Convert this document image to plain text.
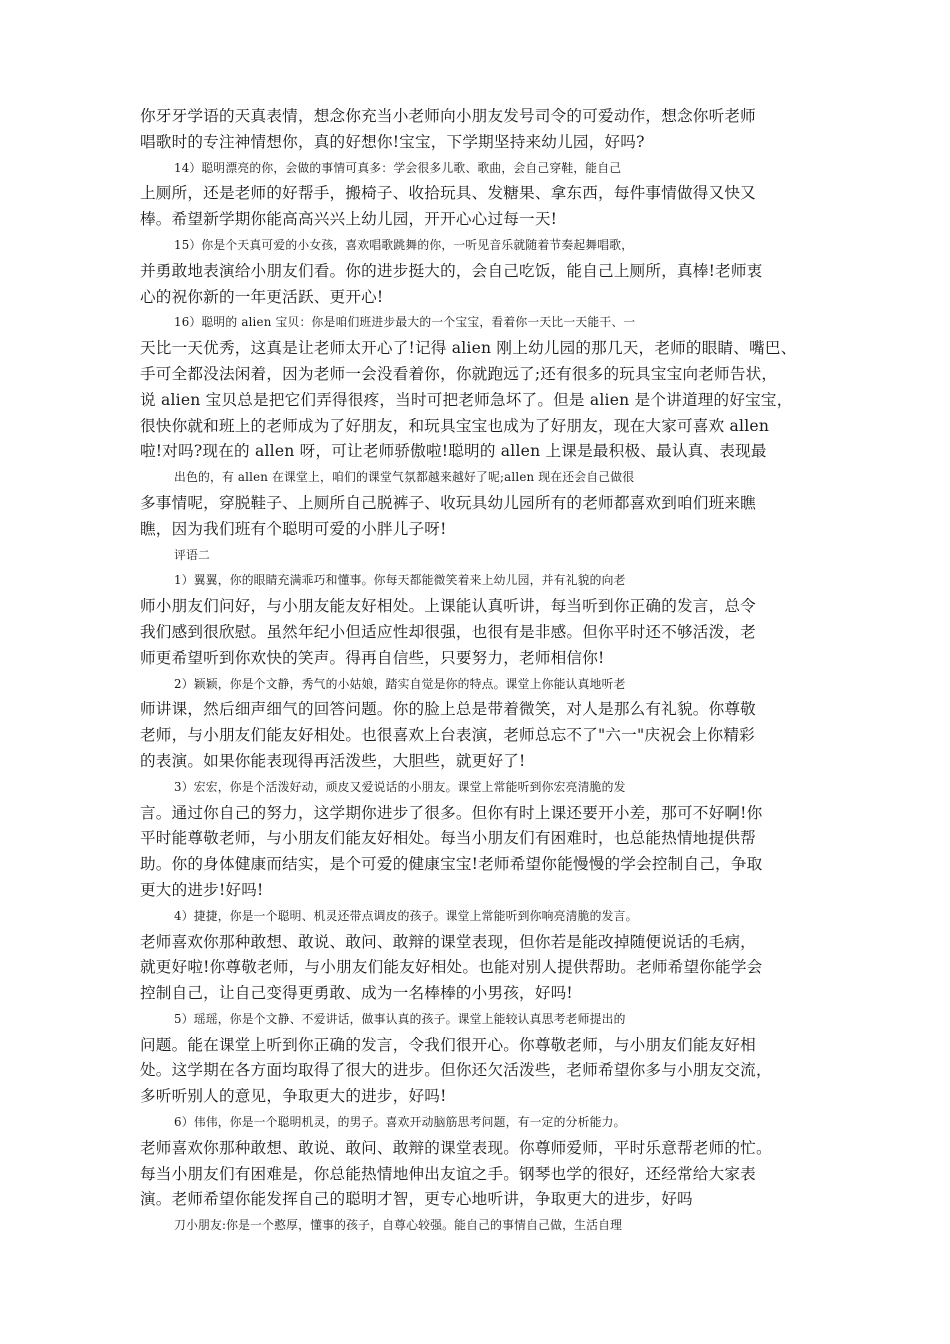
你牙牙学语的天真表情，想念你充当小老师向小朋友发号司令的可爱动作，想念你听老师
唱歌时的专注神情想你，真的好想你!宝宝，下学期坚持来幼儿园，好吗?
14）聪明漂亮的你，会做的事情可真多：学会很多儿歌、歌曲，会自己穿鞋，能自己
上厕所，还是老师的好帮手，搬椅子、收拾玩具、发糖果、拿东西，每件事情做得又快又
棒。希望新学期你能高高兴兴上幼儿园，开开心心过每一天!
15）你是个天真可爱的小女孩，喜欢唱歌跳舞的你，一听见音乐就随着节奏起舞唱歌，
并勇敢地表演给小朋友们看。你的进步挺大的，会自己吃饭，能自己上厕所，真棒!老师衷
心的祝你新的一年更活跃、更开心!
16）聪明的 alien 宝贝：你是咱们班进步最大的一个宝宝，看着你一天比一天能干、一
天比一天优秀，这真是让老师太开心了!记得 alien 刚上幼儿园的那几天，老师的眼睛、嘴巴、
手可全都没法闲着，因为老师一会没看着你，你就跑远了;还有很多的玩具宝宝向老师告状，
说 alien 宝贝总是把它们弄得很疼，当时可把老师急坏了。但是 alien 是个讲道理的好宝宝，
很快你就和班上的老师成为了好朋友，和玩具宝宝也成为了好朋友，现在大家可喜欢 allen
啦!对吗?现在的 allen 呀，可让老师骄傲啦!聪明的 allen 上课是最积极、最认真、表现最
出色的，有 allen 在课堂上，咱们的课堂气氛都越来越好了呢;allen 现在还会自己做很
多事情呢，穿脱鞋子、上厕所自己脱裤子、收玩具幼儿园所有的老师都喜欢到咱们班来瞧
瞧，因为我们班有个聪明可爱的小胖儿子呀!
评语二
1）翼翼，你的眼睛充满乖巧和懂事。你每天都能微笑着来上幼儿园，并有礼貌的向老
师小朋友们问好，与小朋友能友好相处。上课能认真听讲，每当听到你正确的发言，总令
我们感到很欣慰。虽然年纪小但适应性却很强，也很有是非感。但你平时还不够活泼，老
师更希望听到你欢快的笑声。得再自信些，只要努力，老师相信你!
2）颖颖，你是个文静，秀气的小姑娘，踏实自觉是你的特点。课堂上你能认真地听老
师讲课，然后细声细气的回答问题。你的脸上总是带着微笑，对人是那么有礼貌。你尊敬
老师，与小朋友们能友好相处。也很喜欢上台表演，老师总忘不了"六一"庆祝会上你精彩
的表演。如果你能表现得再活泼些，大胆些，就更好了!
3）宏宏，你是个活泼好动，顽皮又爱说话的小朋友。课堂上常能听到你宏亮清脆的发
言。通过你自己的努力，这学期你进步了很多。但你有时上课还要开小差，那可不好啊!你
平时能尊敬老师，与小朋友们能友好相处。每当小朋友们有困难时，也总能热情地提供帮
助。你的身体健康而结实，是个可爱的健康宝宝!老师希望你能慢慢的学会控制自己，争取
更大的进步!好吗!
4）捷捷，你是一个聪明、机灵还带点调皮的孩子。课堂上常能听到你响亮清脆的发言。
老师喜欢你那种敢想、敢说、敢问、敢辩的课堂表现，但你若是能改掉随便说话的毛病，
就更好啦!你尊敬老师，与小朋友们能友好相处。也能对别人提供帮助。老师希望你能学会
控制自己，让自己变得更勇敢、成为一名棒棒的小男孩，好吗!
5）瑶瑶，你是个文静、不爱讲话，做事认真的孩子。课堂上能较认真思考老师提出的
问题。能在课堂上听到你正确的发言，令我们很开心。你尊敬老师，与小朋友们能友好相
处。这学期在各方面均取得了很大的进步。但你还欠活泼些，老师希望你多与小朋友交流，
多听听别人的意见，争取更大的进步，好吗!
6）伟伟，你是一个聪明机灵，的男子。喜欢开动脑筋思考问题，有一定的分析能力。
老师喜欢你那种敢想、敢说、敢问、敢辩的课堂表现。你尊师爱师，平时乐意帮老师的忙。
每当小朋友们有困难是，你总能热情地伸出友谊之手。钢琴也学的很好，还经常给大家表
演。老师希望你能发挥自己的聪明才智，更专心地听讲，争取更大的进步，好吗
刀小朋友:你是一个憨厚，懂事的孩子，自尊心较强。能自己的事情自己做，生活自理
